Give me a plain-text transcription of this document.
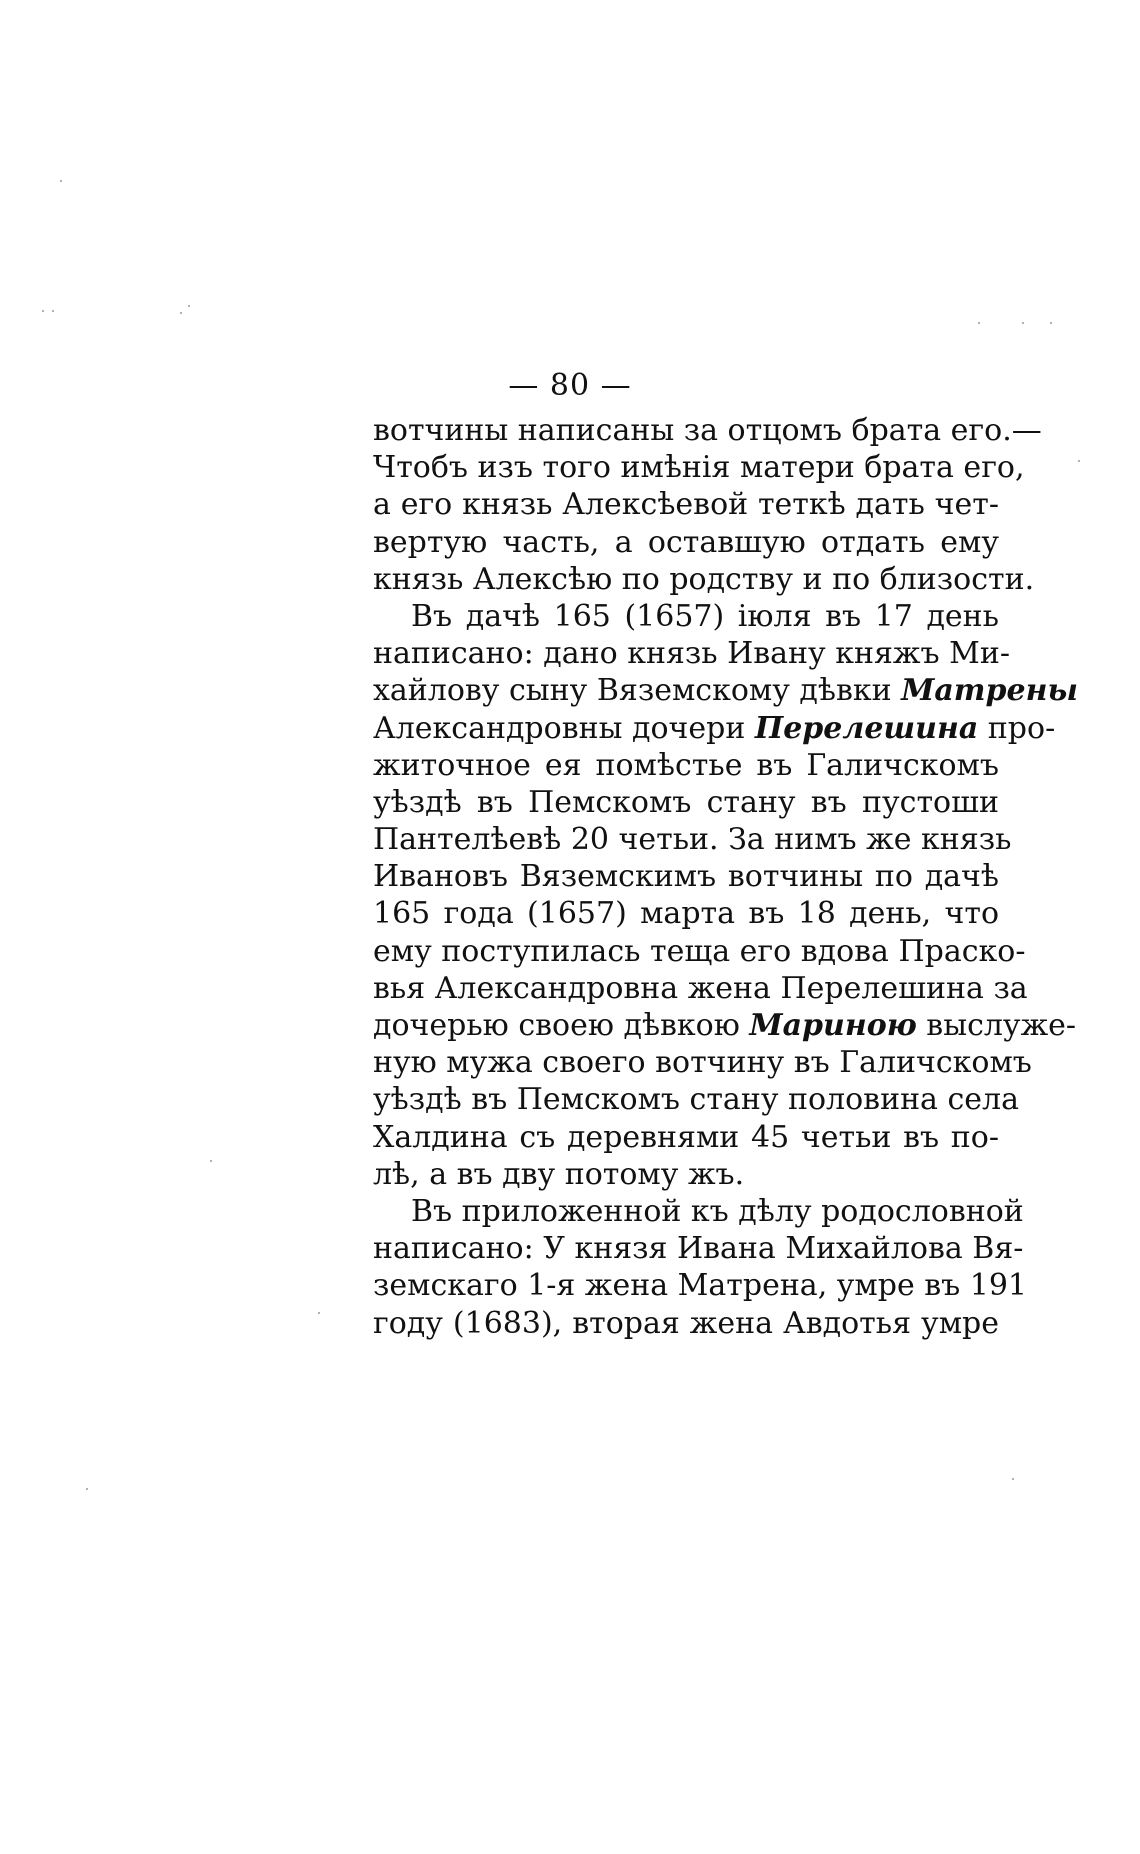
— 80 —
вотчины написаны за отцомъ брата его.—
Чтобъ изъ того имѣнія матери брата его,
а его князь Алексѣевой теткѣ дать чет-
вертую часть, а оставшую отдать ему
князь Алексѣю по родству и по близости.
Въ дачѣ 165 (1657) іюля въ 17 день
написано: дано князь Ивану княжъ Ми-
хайлову сыну Вяземскому дѣвки Матрены
Александровны дочери Перелешина про-
житочное ея помѣстье въ Галичскомъ
уѣздѣ въ Пемскомъ стану въ пустоши
Пантелѣевѣ 20 четьи. За нимъ же князь
Ивановъ Вяземскимъ вотчины по дачѣ
165 года (1657) марта въ 18 день, что
ему поступилась теща его вдова Праско-
вья Александровна жена Перелешина за
дочерью своею дѣвкою Мариною выслуже-
ную мужа своего вотчину въ Галичскомъ
уѣздѣ въ Пемскомъ стану половина села
Халдина съ деревнями 45 четьи въ по-
лѣ, а въ дву потому жъ.
Въ приложенной къ дѣлу родословной
написано: У князя Ивана Михайлова Вя-
земскаго 1-я жена Матрена, умре въ 191
году (1683), вторая жена Авдотья умре
